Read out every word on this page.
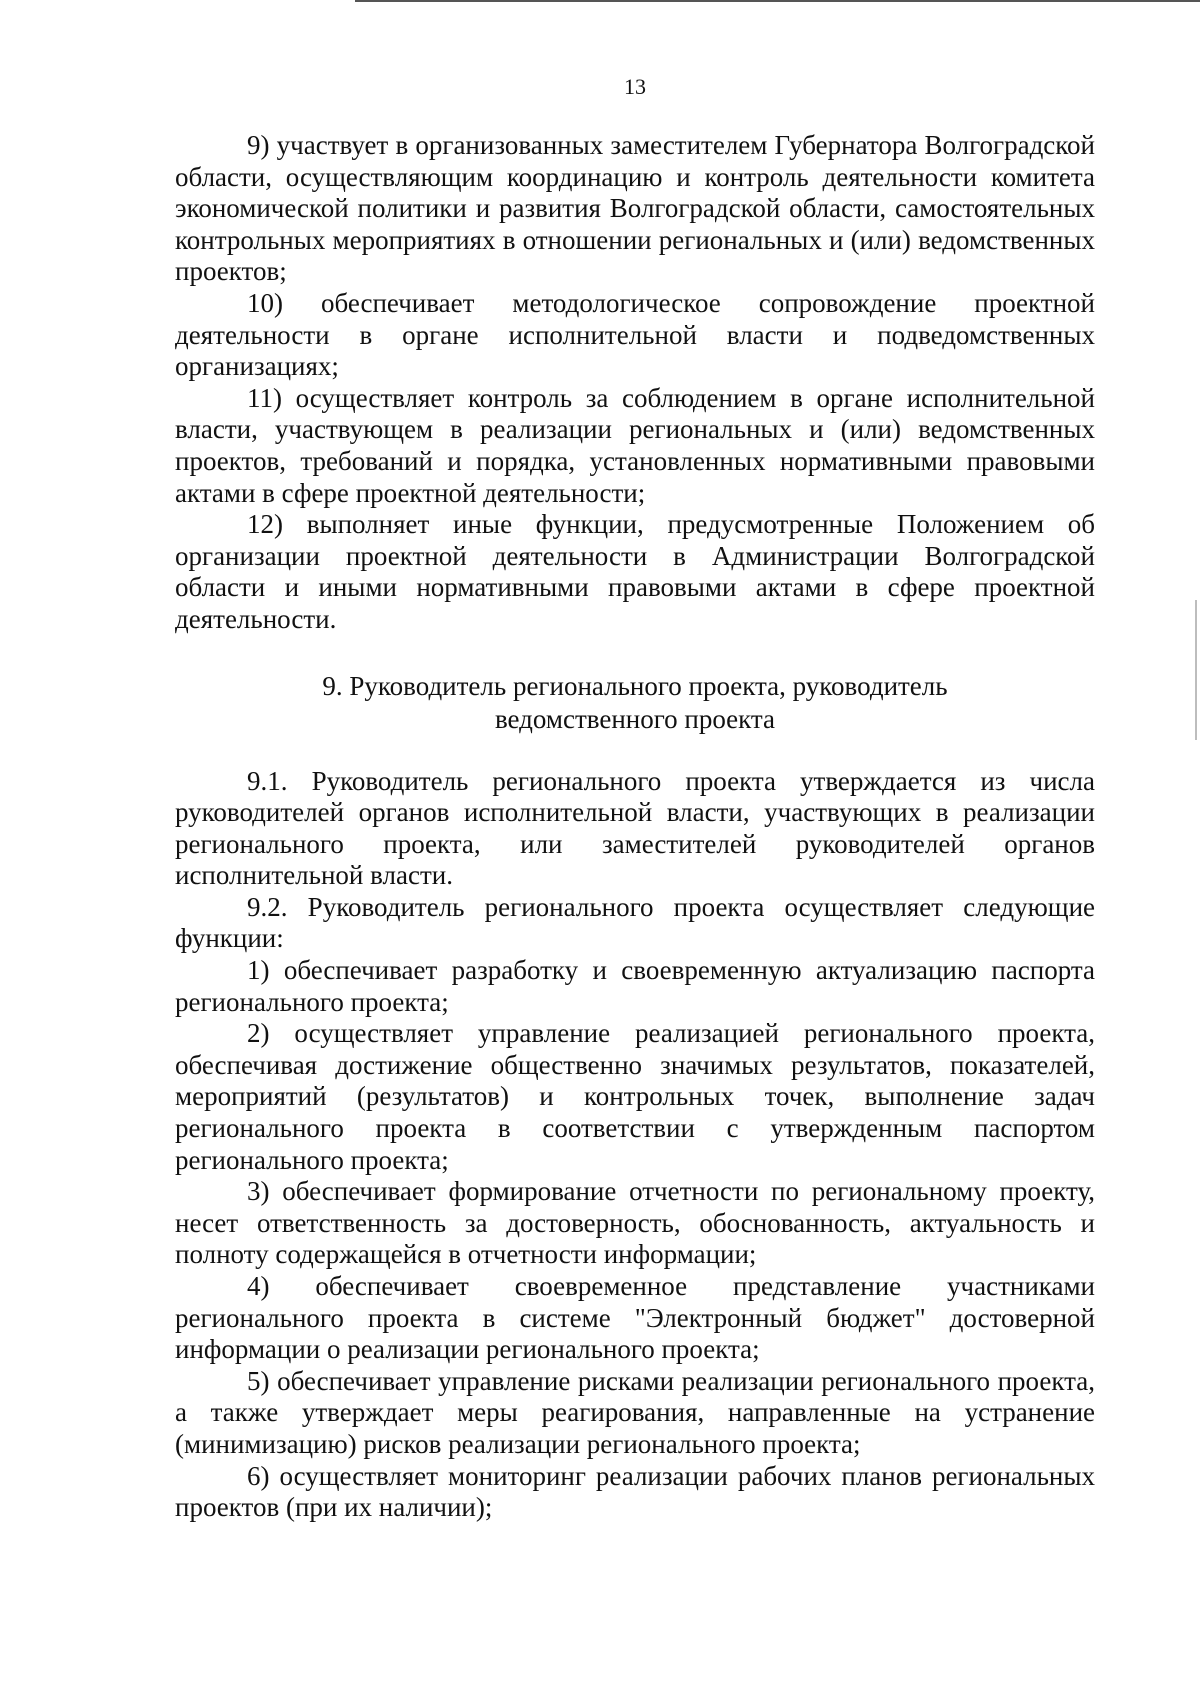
13

9) участвует в организованных заместителем Губернатора Волгоградской области, осуществляющим координацию и контроль деятельности комитета экономической политики и развития Волгоградской области, самостоятельных контрольных мероприятиях в отношении региональных и (или) ведомственных проектов;

10) обеспечивает методологическое сопровождение проектной деятельности в органе исполнительной власти и подведомственных организациях;

11) осуществляет контроль за соблюдением в органе исполнительной власти, участвующем в реализации региональных и (или) ведомственных проектов, требований и порядка, установленных нормативными правовыми актами в сфере проектной деятельности;

12) выполняет иные функции, предусмотренные Положением об организации проектной деятельности в Администрации Волгоградской области и иными нормативными правовыми актами в сфере проектной деятельности.

9. Руководитель регионального проекта, руководитель
ведомственного проекта

9.1. Руководитель регионального проекта утверждается из числа руководителей органов исполнительной власти, участвующих в реализации регионального проекта, или заместителей руководителей органов исполнительной власти.

9.2. Руководитель регионального проекта осуществляет следующие функции:

1) обеспечивает разработку и своевременную актуализацию паспорта регионального проекта;

2) осуществляет управление реализацией регионального проекта, обеспечивая достижение общественно значимых результатов, показателей, мероприятий (результатов) и контрольных точек, выполнение задач регионального проекта в соответствии с утвержденным паспортом регионального проекта;

3) обеспечивает формирование отчетности по региональному проекту, несет ответственность за достоверность, обоснованность, актуальность и полноту содержащейся в отчетности информации;

4) обеспечивает своевременное представление участниками регионального проекта в системе "Электронный бюджет" достоверной информации о реализации регионального проекта;

5) обеспечивает управление рисками реализации регионального проекта, а также утверждает меры реагирования, направленные на устранение (минимизацию) рисков реализации регионального проекта;

6) осуществляет мониторинг реализации рабочих планов региональных проектов (при их наличии);
